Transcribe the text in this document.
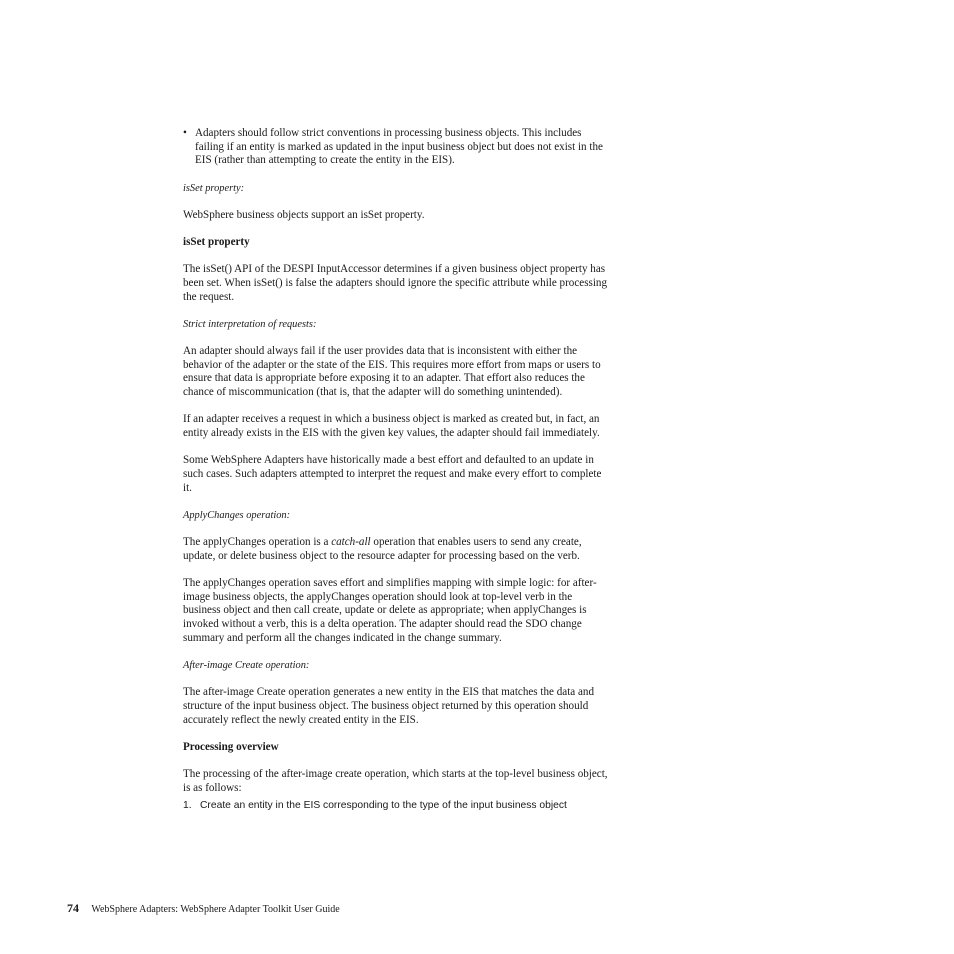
• Adapters should follow strict conventions in processing business objects. This includes failing if an entity is marked as updated in the input business object but does not exist in the EIS (rather than attempting to create the entity in the EIS).

isSet property:

WebSphere business objects support an isSet property.

isSet property

The isSet() API of the DESPI InputAccessor determines if a given business object property has been set. When isSet() is false the adapters should ignore the specific attribute while processing the request.

Strict interpretation of requests:

An adapter should always fail if the user provides data that is inconsistent with either the behavior of the adapter or the state of the EIS. This requires more effort from maps or users to ensure that data is appropriate before exposing it to an adapter. That effort also reduces the chance of miscommunication (that is, that the adapter will do something unintended).

If an adapter receives a request in which a business object is marked as created but, in fact, an entity already exists in the EIS with the given key values, the adapter should fail immediately.

Some WebSphere Adapters have historically made a best effort and defaulted to an update in such cases. Such adapters attempted to interpret the request and make every effort to complete it.

ApplyChanges operation:

The applyChanges operation is a catch-all operation that enables users to send any create, update, or delete business object to the resource adapter for processing based on the verb.

The applyChanges operation saves effort and simplifies mapping with simple logic: for after-image business objects, the applyChanges operation should look at top-level verb in the business object and then call create, update or delete as appropriate; when applyChanges is invoked without a verb, this is a delta operation. The adapter should read the SDO change summary and perform all the changes indicated in the change summary.

After-image Create operation:

The after-image Create operation generates a new entity in the EIS that matches the data and structure of the input business object. The business object returned by this operation should accurately reflect the newly created entity in the EIS.

Processing overview

The processing of the after-image create operation, which starts at the top-level business object, is as follows:

1. Create an entity in the EIS corresponding to the type of the input business object
74 WebSphere Adapters: WebSphere Adapter Toolkit User Guide
